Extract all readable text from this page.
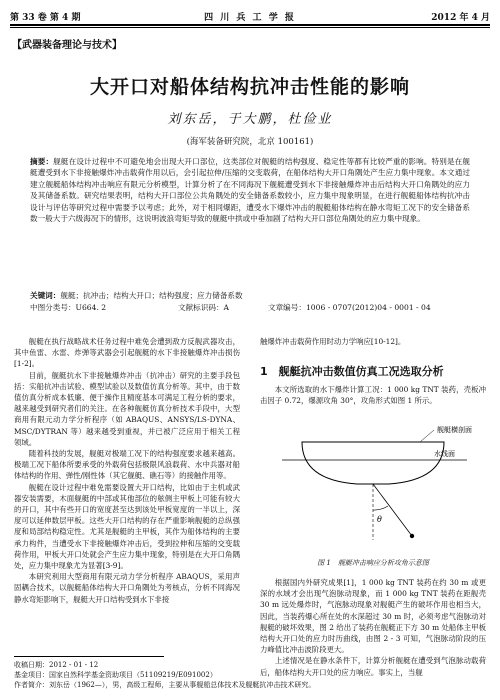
第 33 卷 第 4 期	四 川 兵 工 学 报	2012 年 4 月
【武器装备理论与技术】
大开口对船体结构抗冲击性能的影响
刘东岳，于大鹏，杜俭业
(海军装备研究院，北京 100161)
摘要：舰艇在设计过程中不可避免地会出现大开口部位，这类部位对舰艇的结构强度、稳定性等都有比较严重的影响。特别是在舰艇遭受到水下非接触爆炸冲击载荷作用以后，会引起拉伸/压缩的交变载荷，在船体结构大开口角隅处产生应力集中现象。本文通过建立舰艇船体结构冲击响应有限元分析模型，计算分析了在不同海况下舰艇遭受到水下非接触爆炸冲击后结构大开口角隅处的应力及其储备系数。研究结果表明，结构大开口部位公共角隅处的安全储备系数较小，应力集中现象明显，在进行舰艇船体结构抗冲击设计与评估等研究过程中需要予以考虑；此外，对于相同爆距，遭受水下爆炸冲击的舰艇船体结构在静水弯矩工况下的安全储备系数一般大于六级海况下的情形，这说明波浪弯矩导致的舰艇中拱或中垂加剧了结构大开口部位角隅处的应力集中现象。
关键词：舰艇；抗冲击；结构大开口；结构强度；应力储备系数
中图分类号：U664. 2	文献标识码：A	文章编号：1006 - 0707(2012)04 - 0001 - 04

舰艇在执行战略战术任务过程中难免会遭到敌方反舰武器攻击，其中鱼雷、水雷、炸弹等武器会引起舰艇的水下非接触爆炸冲击损伤[1-2]。

目前，舰艇抗水下非接触爆炸冲击（抗冲击）研究的主要手段包括：实船抗冲击试验、模型试验以及数值仿真分析等。其中，由于数值仿真分析成本低廉、便于操作且精度基本可满足工程分析的要求，越来越受到研究者们的关注。在各种舰艇仿真分析技术手段中，大型商用有限元动力学分析程序（如 ABAQUS、ANSYS/LS-DYNA、MSC/DYTRAN 等）越来越受到重视，并已被广泛应用于相关工程领域。

随着科技的发展，舰艇对极端工况下的结构强度要求越来越高。极端工况下船体所要承受的外载荷包括极限风浪载荷、水中兵器对船体结构的作用、弹性/刚性体（其它舰艇、礁石等）的接触作用等。

舰艇在设计过程中难免需要设置大开口结构，比如由于主机或武器安装需要，木面舰艇的中部或其他部位的舷侧主甲板上可能有较大的开口，其中有些开口的宽度甚至达到该处甲板宽度的一半以上，深度可以延伸数层甲板。这些大开口结构的存在严重影响舰艇的总纵强度和局部结构稳定性。尤其是舰艇的主甲板，其作为船体结构的主要承力构件，当遭受水下非接触爆炸冲击后，受到拉伸和压缩的交变载荷作用，甲板大开口处就会产生应力集中现象，特别是在大开口角隅处，应力集中现象尤为显著[3-9]。

本研究利用大型商用有限元动力学分析程序 ABAQUS，采用声固耦合技术，以舰艇船体结构大开口角隅处为考核点，分析不同海况静水弯矩影响下，舰艇大开口结构受到水下非接

触爆炸冲击载荷作用时动力学响应[10-12]。

1　舰艇抗冲击数值仿真工况选取分析
本文所选取的水下爆炸计算工况：1 000 kg TNT 装药，壳板冲击因子 0.72，爆源攻角 30°，攻角形式如图 1 所示。
θ
舰艇横剖面
水线面
图 1　舰艇冲击响应分析攻角示意图

根据国内外研究成果[1]，1 000 kg TNT 装药在约 30 m 或更深的水域才会出现气泡脉动现象，而 1 000 kg TNT 装药在距舰壳 30 m 远处爆炸时，气泡脉动现象对舰艇产生的破坏作用也相当大，因此，当装药爆心所在处的水深超过 30 m 时，必须考虑气泡脉动对舰艇的破坏效果，图 2 给出了装药在舰艇正下方 30 m 处船体主甲板结构大开口处的应力时历曲线，由图 2 - 3 可知，气泡脉动阶段的压力峰值比冲击波阶段更大。

上述情况是在静水条件下，计算分析舰艇在遭受到气泡脉动载荷后，船体结构大开口处的应力响应。事实上，当舰

收稿日期：2012 - 01 - 12
基金项目：国家自然科学基金资助项目（51109219/E091002）
作者简介：刘东岳（1962—），男，高级工程师，主要从事舰船总体技术及舰艇抗冲击技术研究。
